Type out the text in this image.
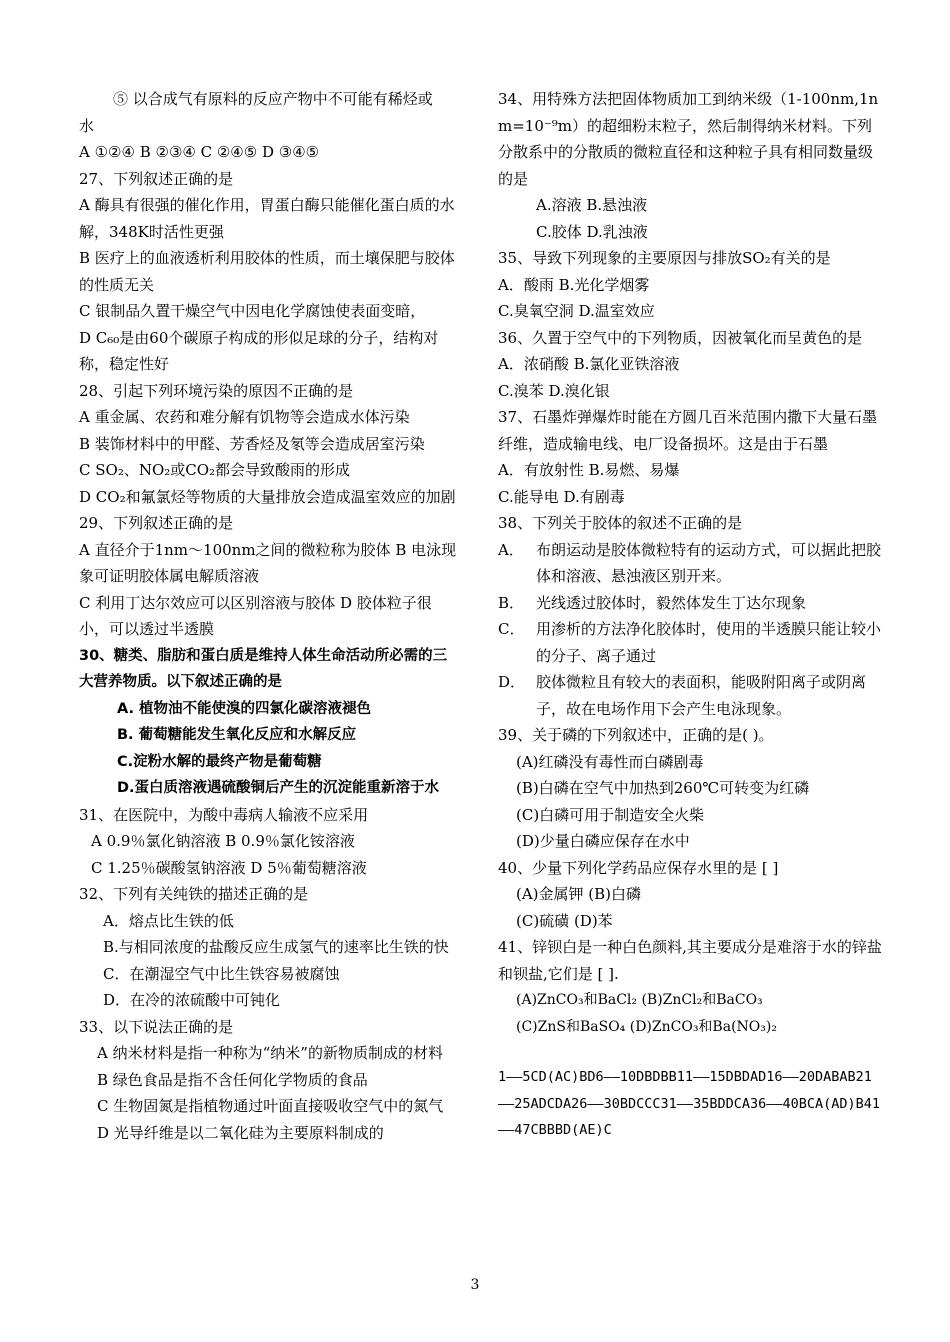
⑤ 以合成气有原料的反应产物中不可能有稀烃或
水
A ①②④ B ②③④ C ②④⑤ D ③④⑤
27、下列叙述正确的是
A 酶具有很强的催化作用，胃蛋白酶只能催化蛋白质的水解，348K时活性更强
B 医疗上的血液透析利用胶体的性质，而土壤保肥与胶体的性质无关
C 银制品久置干燥空气中因电化学腐蚀使表面变暗，
D C₆₀是由60个碳原子构成的形似足球的分子，结构对称，稳定性好
28、引起下列环境污染的原因不正确的是
A 重金属、农药和难分解有饥物等会造成水体污染
B 装饰材料中的甲醛、芳香烃及氡等会造成居室污染
C SO₂、NO₂或CO₂都会导致酸雨的形成
D CO₂和氟氯烃等物质的大量排放会造成温室效应的加剧
29、下列叙述正确的是
A 直径介于1nm～100nm之间的微粒称为胶体 B 电泳现象可证明胶体属电解质溶液
C 利用丁达尔效应可以区别溶液与胶体 D 胶体粒子很小，可以透过半透膜
30、糖类、脂肪和蛋白质是维持人体生命活动所必需的三大营养物质。以下叙述正确的是
A. 植物油不能使溴的四氯化碳溶液褪色
B. 葡萄糖能发生氧化反应和水解反应
C.淀粉水解的最终产物是葡萄糖
D.蛋白质溶液遇硫酸铜后产生的沉淀能重新溶于水
31、在医院中，为酸中毒病人输液不应采用
A 0.9％氯化钠溶液 B 0.9％氯化铵溶液
C 1.25％碳酸氢钠溶液 D 5％葡萄糖溶液
32、下列有关纯铁的描述正确的是
A．熔点比生铁的低
B.与相同浓度的盐酸反应生成氢气的速率比生铁的快
C．在潮湿空气中比生铁容易被腐蚀
D．在冷的浓硫酸中可钝化
33、以下说法正确的是
A 纳米材料是指一种称为“纳米”的新物质制成的材料
B 绿色食品是指不含任何化学物质的食品
C 生物固氮是指植物通过叶面直接吸收空气中的氮气
D 光导纤维是以二氧化硅为主要原料制成的
34、用特殊方法把固体物质加工到纳米级（1-100nm,1nm=10⁻⁹m）的超细粉末粒子，然后制得纳米材料。下列分散系中的分散质的微粒直径和这种粒子具有相同数量级的是
A.溶液 B.悬浊液
C.胶体 D.乳浊液
35、导致下列现象的主要原因与排放SO₂有关的是
A．酸雨 B.光化学烟雾
C.臭氧空洞 D.温室效应
36、久置于空气中的下列物质，因被氧化而呈黄色的是
A．浓硝酸 B.氯化亚铁溶液
C.溴苯 D.溴化银
37、石墨炸弹爆炸时能在方圆几百米范围内撒下大量石墨纤维，造成输电线、电厂设备损坏。这是由于石墨
A．有放射性 B.易燃、易爆
C.能导电 D.有剧毒
38、下列关于胶体的叙述不正确的是
A． 布朗运动是胶体微粒特有的运动方式，可以据此把胶体和溶液、悬浊液区别开来。
B． 光线透过胶体时，毅然体发生丁达尔现象
C． 用渗析的方法净化胶体时，使用的半透膜只能让较小的分子、离子通过
D． 胶体微粒且有较大的表面积，能吸附阳离子或阴离子，故在电场作用下会产生电泳现象。
39、关于磷的下列叙述中，正确的是( )。
(A)红磷没有毒性而白磷剧毒
(B)白磷在空气中加热到260℃可转变为红磷
(C)白磷可用于制造安全火柴
(D)少量白磷应保存在水中
40、少量下列化学药品应保存水里的是 [ ]
(A)金属钾 (B)白磷
(C)硫磺 (D)苯
41、锌钡白是一种白色颜料,其主要成分是难溶于水的锌盐和钡盐,它们是 [ ].
(A)ZnCO₃和BaCl₂ (B)ZnCl₂和BaCO₃
(C)ZnS和BaSO₄ (D)ZnCO₃和Ba(NO₃)₂
1——5CD(AC)BD6——10DBDBB11——15DBDAD16——20DABAB21——25ADCDA26——30BDCCC31——35BDDCA36——40BCA(AD)B41——47CBBBD(AE)C
3
